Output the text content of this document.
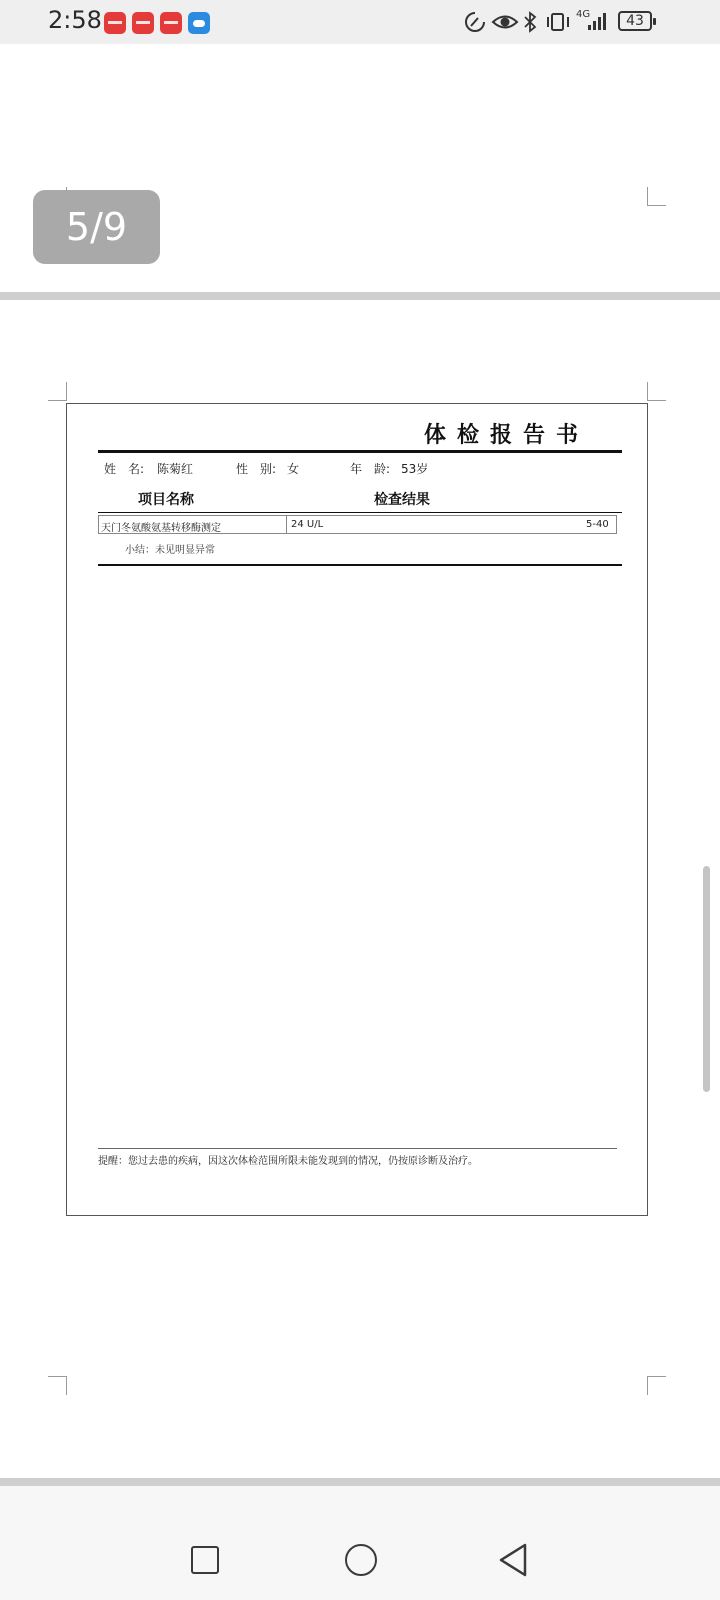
2:58	4G	43
5/9
体检报告书
姓　名: 陈菊红	性　别: 女	年　龄: 53岁
项目名称	检查结果
天门冬氨酸氨基转移酶测定	24 U/L	5-40
小结：未见明显异常
提醒：您过去患的疾病，因这次体检范围所限未能发现到的情况，仍按原诊断及治疗。
